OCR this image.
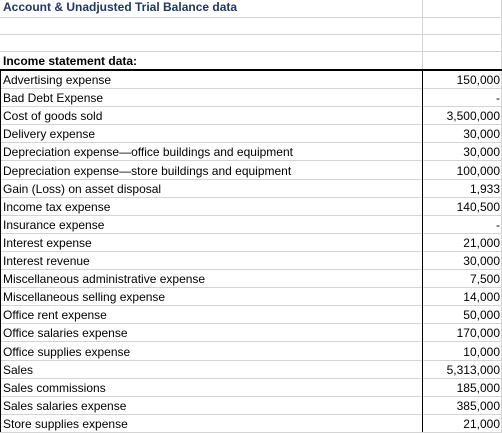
Account & Unadjusted Trial Balance data
Income statement data:
Advertising expense	150,000
Bad Debt Expense	-
Cost of goods sold	3,500,000
Delivery expense	30,000
Depreciation expense—office buildings and equipment	30,000
Depreciation expense—store buildings and equipment	100,000
Gain (Loss) on asset disposal	1,933
Income tax expense	140,500
Insurance expense	-
Interest expense	21,000
Interest revenue	30,000
Miscellaneous administrative expense	7,500
Miscellaneous selling expense	14,000
Office rent expense	50,000
Office salaries expense	170,000
Office supplies expense	10,000
Sales	5,313,000
Sales commissions	185,000
Sales salaries expense	385,000
Store supplies expense	21,000
